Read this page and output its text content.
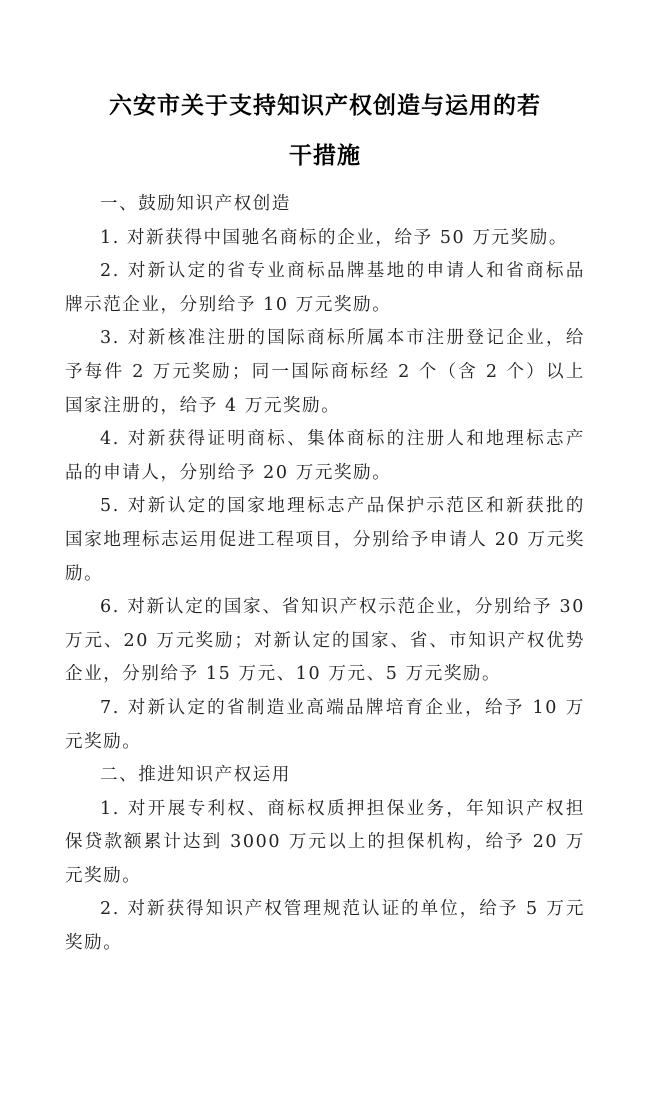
六安市关于支持知识产权创造与运用的若
干措施

一、鼓励知识产权创造

1. 对新获得中国驰名商标的企业，给予 50 万元奖励。

2. 对新认定的省专业商标品牌基地的申请人和省商标品牌示范企业，分别给予 10 万元奖励。

3. 对新核准注册的国际商标所属本市注册登记企业，给予每件 2 万元奖励；同一国际商标经 2 个（含 2 个）以上国家注册的，给予 4 万元奖励。

4. 对新获得证明商标、集体商标的注册人和地理标志产品的申请人，分别给予 20 万元奖励。

5. 对新认定的国家地理标志产品保护示范区和新获批的国家地理标志运用促进工程项目，分别给予申请人 20 万元奖励。

6. 对新认定的国家、省知识产权示范企业，分别给予 30 万元、20 万元奖励；对新认定的国家、省、市知识产权优势企业，分别给予 15 万元、10 万元、5 万元奖励。

7. 对新认定的省制造业高端品牌培育企业，给予 10 万元奖励。

二、推进知识产权运用

1. 对开展专利权、商标权质押担保业务，年知识产权担保贷款额累计达到 3000 万元以上的担保机构，给予 20 万元奖励。

2. 对新获得知识产权管理规范认证的单位，给予 5 万元奖励。
